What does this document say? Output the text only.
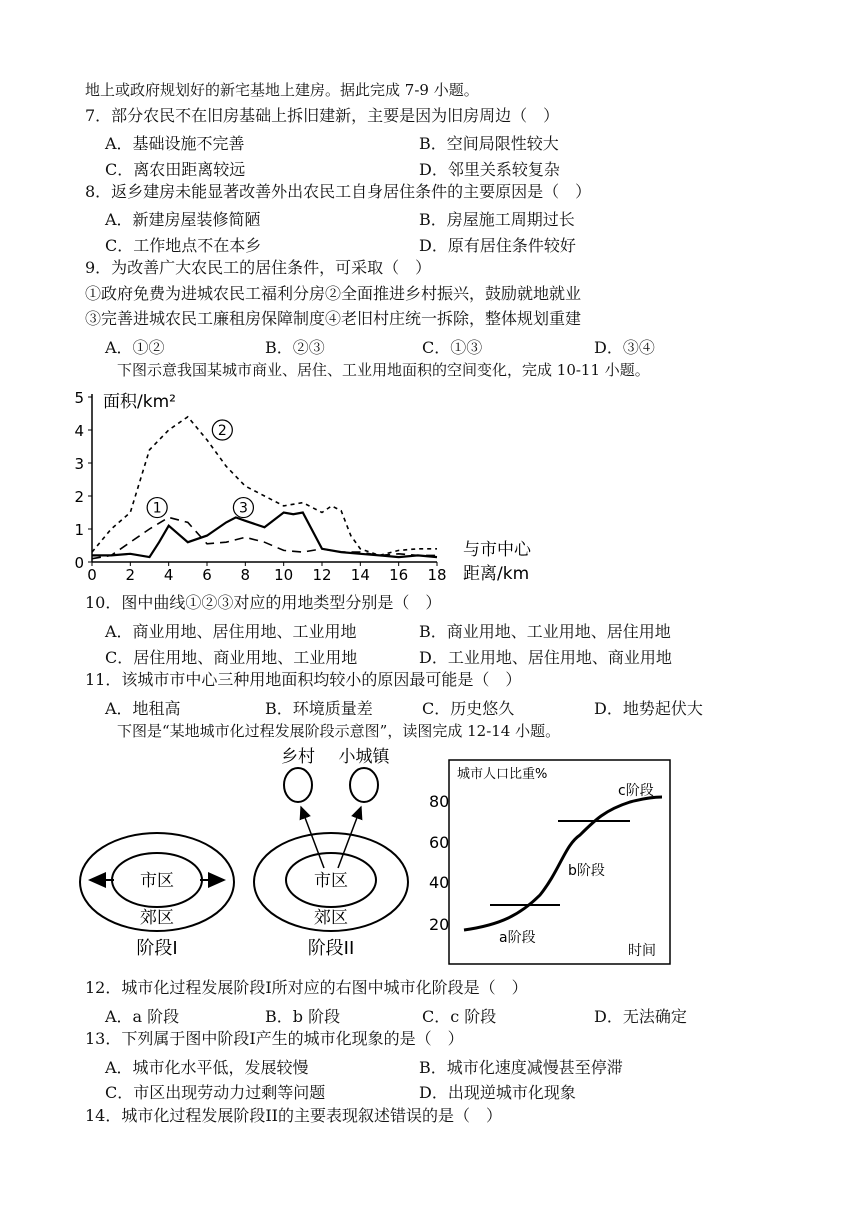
地上或政府规划好的新宅基地上建房。据此完成 7-9 小题。
7．部分农民不在旧房基础上拆旧建新，主要是因为旧房周边（　）
A．基础设施不完善	B．空间局限性较大
C．离农田距离较远	D．邻里关系较复杂
8．返乡建房未能显著改善外出农民工自身居住条件的主要原因是（　）
A．新建房屋装修简陋	B．房屋施工周期过长
C．工作地点不在本乡	D．原有居住条件较好
9．为改善广大农民工的居住条件，可采取（　）
①政府免费为进城农民工福利分房②全面推进乡村振兴，鼓励就地就业
③完善进城农民工廉租房保障制度④老旧村庄统一拆除，整体规划重建
A．①②	B．②③	C．①③	D．③④
下图示意我国某城市商业、居住、工业用地面积的空间变化，完成 10-11 小题。
0 2 4 6 8 10 12 14 16 18
0
1
2
3
4
5
1
2
3
面积/km²
与市中心
距离/km
10．图中曲线①②③对应的用地类型分别是（　）
A．商业用地、居住用地、工业用地	B．商业用地、工业用地、居住用地
C．居住用地、商业用地、工业用地	D．工业用地、居住用地、商业用地
11．该城市市中心三种用地面积均较小的原因最可能是（　）
A．地租高	B．环境质量差	C．历史悠久	D．地势起伏大
下图是“某地城市化过程发展阶段示意图”，读图完成 12-14 小题。
市区
郊区
阶段I
乡村 小城镇
市区
郊区
阶段II
城市人口比重%
80
60
40
20
c阶段
b阶段
a阶段
时间
12．城市化过程发展阶段I所对应的右图中城市化阶段是（　）
A．a 阶段	B．b 阶段	C．c 阶段	D．无法确定
13．下列属于图中阶段I产生的城市化现象的是（　）
A．城市化水平低，发展较慢	B．城市化速度减慢甚至停滞
C．市区出现劳动力过剩等问题	D．出现逆城市化现象
14．城市化过程发展阶段II的主要表现叙述错误的是（　）
